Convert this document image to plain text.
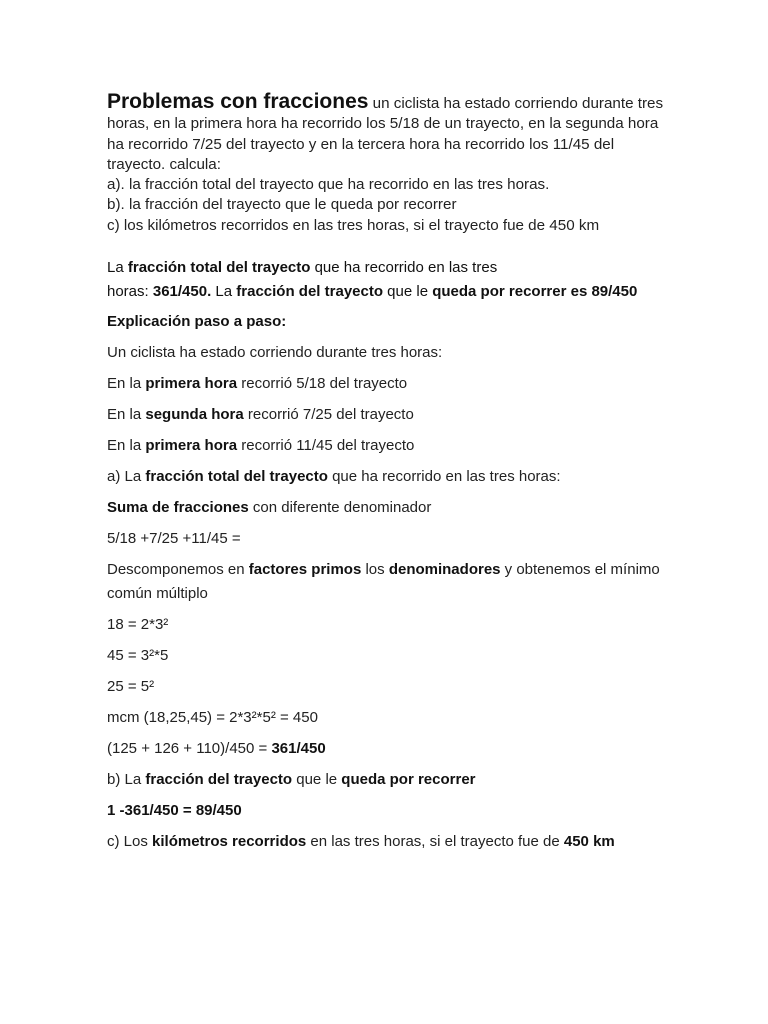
Problemas con fracciones un ciclista ha estado corriendo durante tres horas, en la primera hora ha recorrido los 5/18 de un trayecto, en la segunda hora ha recorrido 7/25 del trayecto y en la tercera hora ha recorrido los 11/45 del trayecto. calcula:
a). la fracción total del trayecto que ha recorrido en las tres horas.
b). la fracción del trayecto que le queda por recorrer
c) los kilómetros recorridos en las tres horas, si el trayecto fue de 450 km
La fracción total del trayecto que ha recorrido en las tres
horas: 361/450. La fracción del trayecto que le queda por recorrer es 89/450

Explicación paso a paso:

Un ciclista ha estado corriendo durante tres horas:

En la primera hora recorrió 5/18 del trayecto

En la segunda hora recorrió 7/25 del trayecto

En la primera hora recorrió 11/45 del trayecto

a) La fracción total del trayecto que ha recorrido en las tres horas:

Suma de fracciones con diferente denominador

5/18 +7/25 +11/45 =

Descomponemos en factores primos los denominadores y obtenemos el mínimo común múltiplo

18 = 2*3²

45 = 3²*5

25 = 5²

mcm (18,25,45) = 2*3²*5² = 450

(125 + 126 + 110)/450 = 361/450

b) La fracción del trayecto que le queda por recorrer

1 -361/450 = 89/450

c) Los kilómetros recorridos en las tres horas, si el trayecto fue de 450 km
